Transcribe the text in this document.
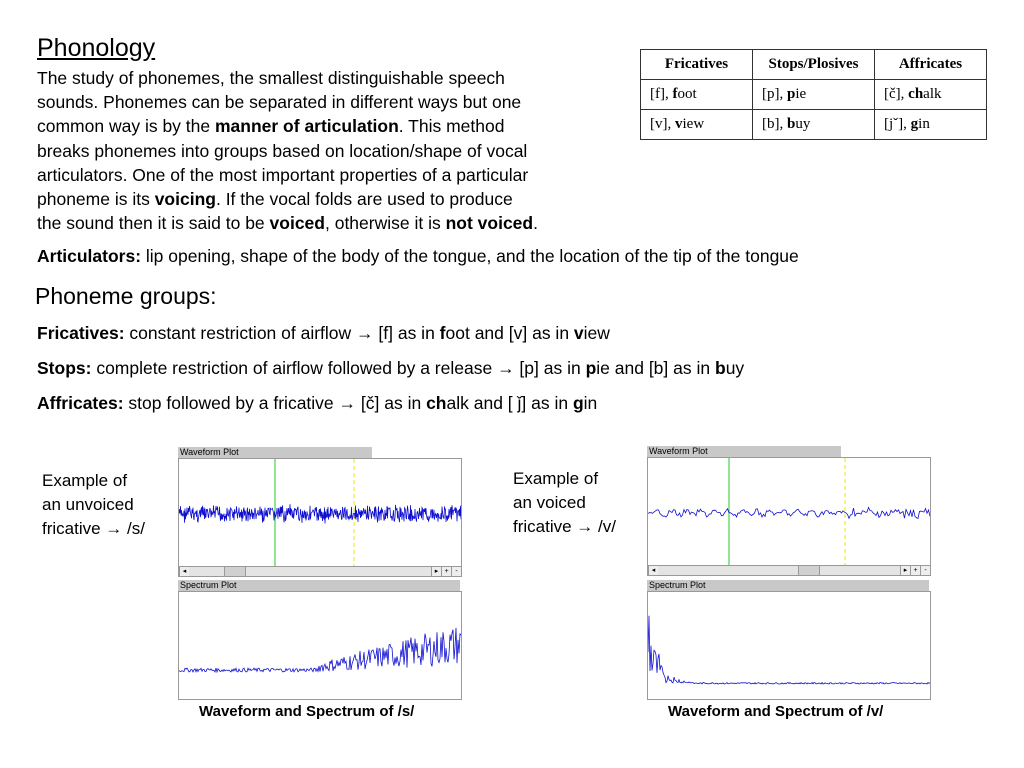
Phonology
The study of phonemes, the smallest distinguishable speech
sounds. Phonemes can be separated in different ways but one
common way is by the manner of articulation. This method
breaks phonemes into groups based on location/shape of vocal
articulators. One of the most important properties of a particular
phoneme is its voicing. If the vocal folds are used to produce
the sound then it is said to be voiced, otherwise it is not voiced.
Fricatives	Stops/Plosives	Affricates
[f], foot	[p], pie	[č], chalk
[v], view	[b], buy	[jˇ], gin
Articulators: lip opening, shape of the body of the tongue, and the location of the tip of the tongue
Phoneme groups:
Fricatives: constant restriction of airflow → [f] as in foot and [v] as in view
Stops: complete restriction of airflow followed by a release → [p] as in pie and [b] as in buy
Affricates: stop followed by a fricative → [č] as in chalk and [ ǰ] as in gin
Example of
an unvoiced
fricative → /s/
Example of
an voiced
fricative → /v/
Waveform Plot
◂	▸ + -
Spectrum Plot
Waveform and Spectrum of /s/
Waveform Plot
◂	▸ + -
Spectrum Plot
Waveform and Spectrum of /v/
